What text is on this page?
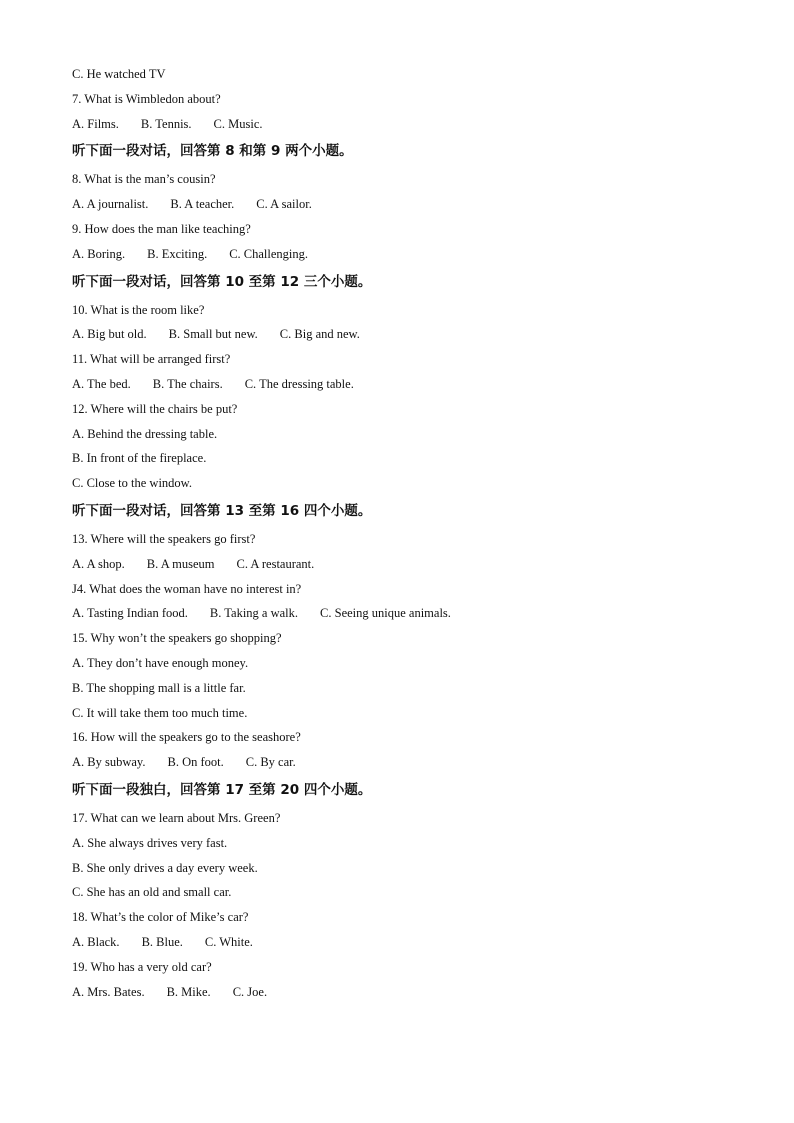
C. He watched TV
7. What is Wimbledon about?
A. Films. B. Tennis. C. Music.
听下面一段对话，回答第 8 和第 9 两个小题。
8. What is the man’s cousin?
A. A journalist. B. A teacher. C. A sailor.
9. How does the man like teaching?
A. Boring. B. Exciting. C. Challenging.
听下面一段对话，回答第 10 至第 12 三个小题。
10. What is the room like?
A. Big but old. B. Small but new. C. Big and new.
11. What will be arranged first?
A. The bed. B. The chairs. C. The dressing table.
12. Where will the chairs be put?
A. Behind the dressing table.
B. In front of the fireplace.
C. Close to the window.
听下面一段对话，回答第 13 至第 16 四个小题。
13. Where will the speakers go first?
A. A shop. B. A museum C. A restaurant.
J4. What does the woman have no interest in?
A. Tasting Indian food. B. Taking a walk. C. Seeing unique animals.
15. Why won’t the speakers go shopping?
A. They don’t have enough money.
B. The shopping mall is a little far.
C. It will take them too much time.
16. How will the speakers go to the seashore?
A. By subway. B. On foot. C. By car.
听下面一段独白，回答第 17 至第 20 四个小题。
17. What can we learn about Mrs. Green?
A. She always drives very fast.
B. She only drives a day every week.
C. She has an old and small car.
18. What’s the color of Mike’s car?
A. Black. B. Blue. C. White.
19. Who has a very old car?
A. Mrs. Bates. B. Mike. C. Joe.
